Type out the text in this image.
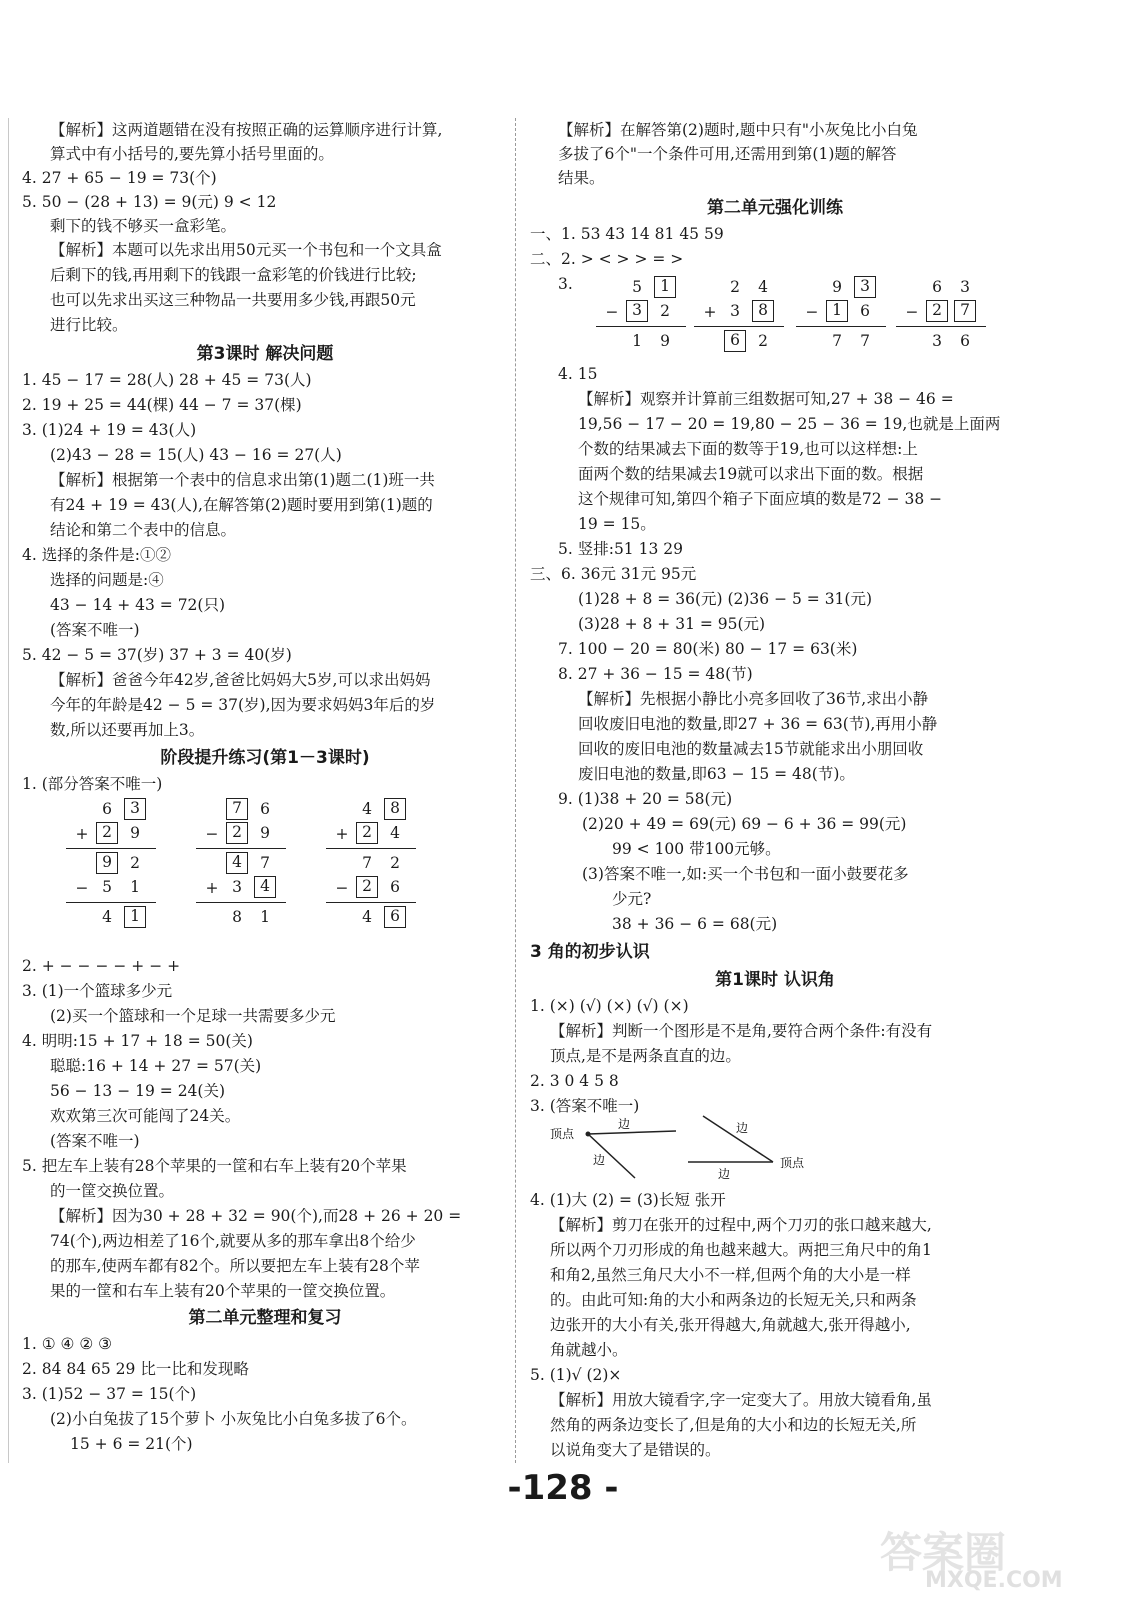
【解析】这两道题错在没有按照正确的运算顺序进行计算,
算式中有小括号的,要先算小括号里面的。
4. 27 + 65 − 19 = 73(个)
5. 50 − (28 + 13) = 9(元) 9 < 12
剩下的钱不够买一盒彩笔。
【解析】本题可以先求出用50元买一个书包和一个文具盒
后剩下的钱,再用剩下的钱跟一盒彩笔的价钱进行比较;
也可以先求出买这三种物品一共要用多少钱,再跟50元
进行比较。
第3课时 解决问题
1. 45 − 17 = 28(人) 28 + 45 = 73(人)
2. 19 + 25 = 44(棵) 44 − 7 = 37(棵)
3. (1)24 + 19 = 43(人)
(2)43 − 28 = 15(人) 43 − 16 = 27(人)
【解析】根据第一个表中的信息求出第(1)题二(1)班一共
有24 + 19 = 43(人),在解答第(2)题时要用到第(1)题的
结论和第二个表中的信息。
4. 选择的条件是:①②
选择的问题是:④
43 − 14 + 43 = 72(只)
(答案不唯一)
5. 42 − 5 = 37(岁) 37 + 3 = 40(岁)
【解析】爸爸今年42岁,爸爸比妈妈大5岁,可以求出妈妈
今年的年龄是42 − 5 = 37(岁),因为要求妈妈3年后的岁
数,所以还要再加上3。
阶段提升练习(第1－3课时)
1. (部分答案不唯一)
6	3
+ 2	9
9	2
− 5	1
4	1
7	6
− 2	9
4	7
+ 3	4
8	1
4	8
+ 2	4
7	2
− 2	6
4	6
2. + − − − − + − +
3. (1)一个篮球多少元
(2)买一个篮球和一个足球一共需要多少元
4. 明明:15 + 17 + 18 = 50(关)
聪聪:16 + 14 + 27 = 57(关)
56 − 13 − 19 = 24(关)
欢欢第三次可能闯了24关。
(答案不唯一)
5. 把左车上装有28个苹果的一筐和右车上装有20个苹果
的一筐交换位置。
【解析】因为30 + 28 + 32 = 90(个),而28 + 26 + 20 =
74(个),两边相差了16个,就要从多的那车拿出8个给少
的那车,使两车都有82个。所以要把左车上装有28个苹
果的一筐和右车上装有20个苹果的一筐交换位置。
第二单元整理和复习
1. ① ④ ② ③
2. 84 84 65 29 比一比和发现略
3. (1)52 − 37 = 15(个)
(2)小白兔拔了15个萝卜 小灰兔比小白兔多拔了6个。
15 + 6 = 21(个)
【解析】在解答第(2)题时,题中只有"小灰兔比小白兔
多拔了6个"一个条件可用,还需用到第(1)题的解答
结果。
第二单元强化训练
一、1. 53 43 14 81 45 59
二、2. > < > > = >
3.	5	1
− 3	2
1	9
2	4
+ 3	8
6	2
9	3
− 1	6
7	7
6	3
− 2	7
3	6
4. 15
【解析】观察并计算前三组数据可知,27 + 38 − 46 =
19,56 − 17 − 20 = 19,80 − 25 − 36 = 19,也就是上面两
个数的结果减去下面的数等于19,也可以这样想:上
面两个数的结果减去19就可以求出下面的数。根据
这个规律可知,第四个箱子下面应填的数是72 − 38 −
19 = 15。
5. 竖排:51 13 29
三、6. 36元 31元 95元
(1)28 + 8 = 36(元) (2)36 − 5 = 31(元)
(3)28 + 8 + 31 = 95(元)
7. 100 − 20 = 80(米) 80 − 17 = 63(米)
8. 27 + 36 − 15 = 48(节)
【解析】先根据小静比小亮多回收了36节,求出小静
回收废旧电池的数量,即27 + 36 = 63(节),再用小静
回收的废旧电池的数量减去15节就能求出小朋回收
废旧电池的数量,即63 − 15 = 48(节)。
9. (1)38 + 20 = 58(元)
(2)20 + 49 = 69(元) 69 − 6 + 36 = 99(元)
99 < 100 带100元够。
(3)答案不唯一,如:买一个书包和一面小鼓要花多
少元?
38 + 36 − 6 = 68(元)
3 角的初步认识
第1课时 认识角
1. (×) (√) (×) (√) (×)
【解析】判断一个图形是不是角,要符合两个条件:有没有
顶点,是不是两条直直的边。
2. 3 0 4 5 8
3. (答案不唯一)
顶点
边
边
边
边
顶点
4. (1)大 (2) = (3)长短 张开
【解析】剪刀在张开的过程中,两个刀刃的张口越来越大,
所以两个刀刃形成的角也越来越大。两把三角尺中的角1
和角2,虽然三角尺大小不一样,但两个角的大小是一样
的。由此可知:角的大小和两条边的长短无关,只和两条
边张开的大小有关,张开得越大,角就越大,张开得越小,
角就越小。
5. (1)√ (2)×
【解析】用放大镜看字,字一定变大了。用放大镜看角,虽
然角的两条边变长了,但是角的大小和边的长短无关,所
以说角变大了是错误的。
-128 -
答案圈
MXQE.COM
